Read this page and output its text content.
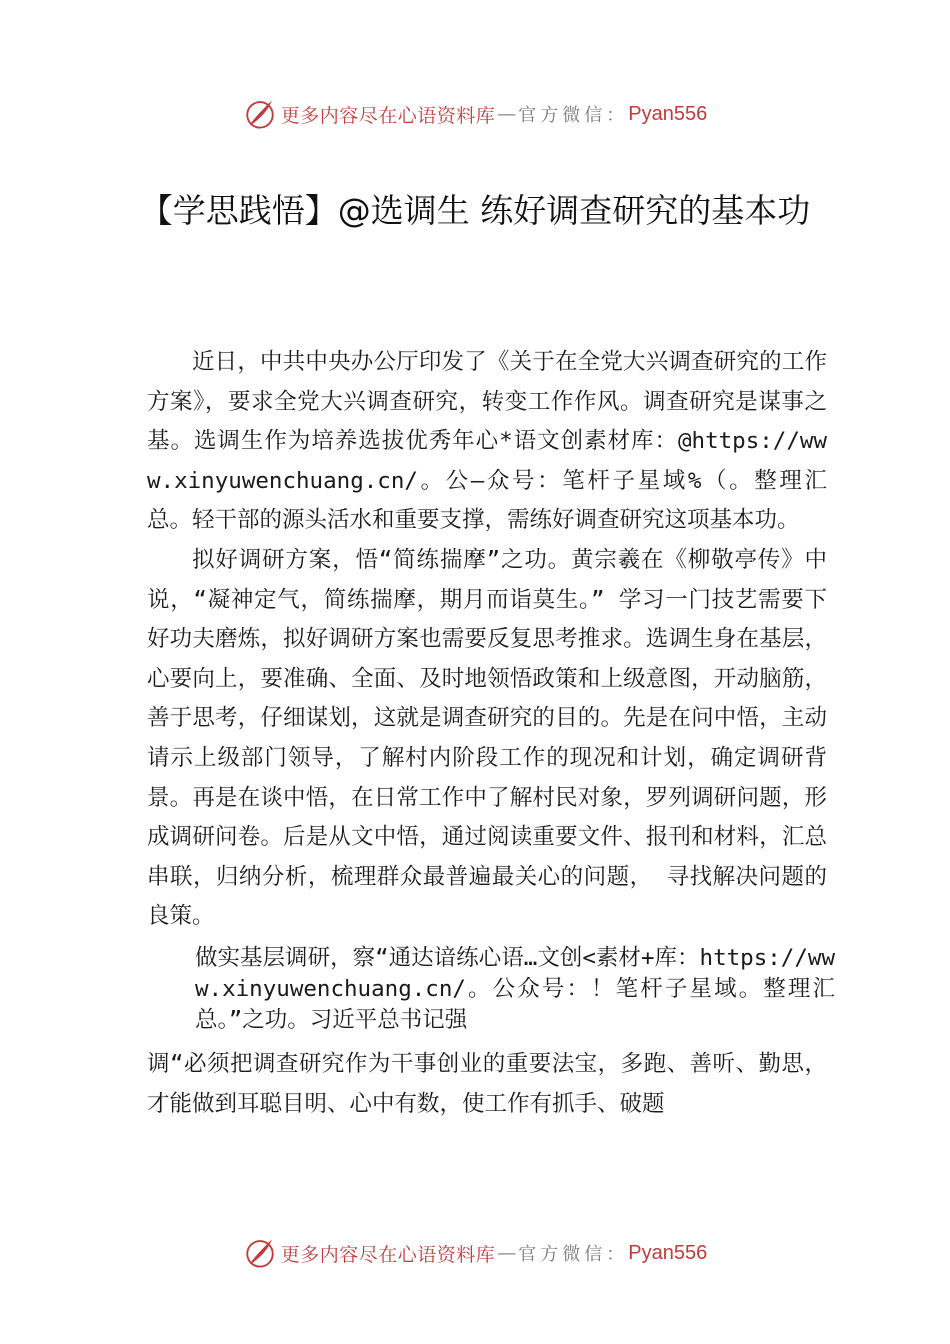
更多内容尽在心语资料库 — 官方微信： Pyan556
【学思践悟】@选调生 练好调查研究的基本功

近日，中共中央办公厅印发了《关于在全党大兴调查研究的工作方案》，要求全党大兴调查研究，转变工作作风。调查研究是谋事之基。选调生作为培养选拔优秀年心*语文创素材库：@https://www.xinyuwenchuang.cn/。公—众号：笔杆子星域%（。整理汇总。轻干部的源头活水和重要支撑，需练好调查研究这项基本功。

拟好调研方案，悟“简练揣摩”之功。黄宗羲在《柳敬亭传》中说，“凝神定气，简练揣摩，期月而诣莫生。” 学习一门技艺需要下好功夫磨炼，拟好调研方案也需要反复思考推求。选调生身在基层，心要向上，要准确、全面、及时地领悟政策和上级意图，开动脑筋，善于思考，仔细谋划，这就是调查研究的目的。先是在问中悟，主动请示上级部门领导，了解村内阶段工作的现况和计划，确定调研背景。再是在谈中悟，在日常工作中了解村民对象，罗列调研问题，形成调研问卷。后是从文中悟，通过阅读重要文件、报刊和材料，汇总串联，归纳分析，梳理群众最普遍最关心的问题， 寻找解决问题的良策。

做实基层调研，察“通达谙练心语…文创<素材+库：https://www.xinyuwenchuang.cn/。公众号：！笔杆子星域。整理汇总。”之功。习近平总书记强

调“必须把调查研究作为干事创业的重要法宝，多跑、善听、勤思，才能做到耳聪目明、心中有数，使工作有抓手、破题

更多内容尽在心语资料库 — 官方微信： Pyan556
